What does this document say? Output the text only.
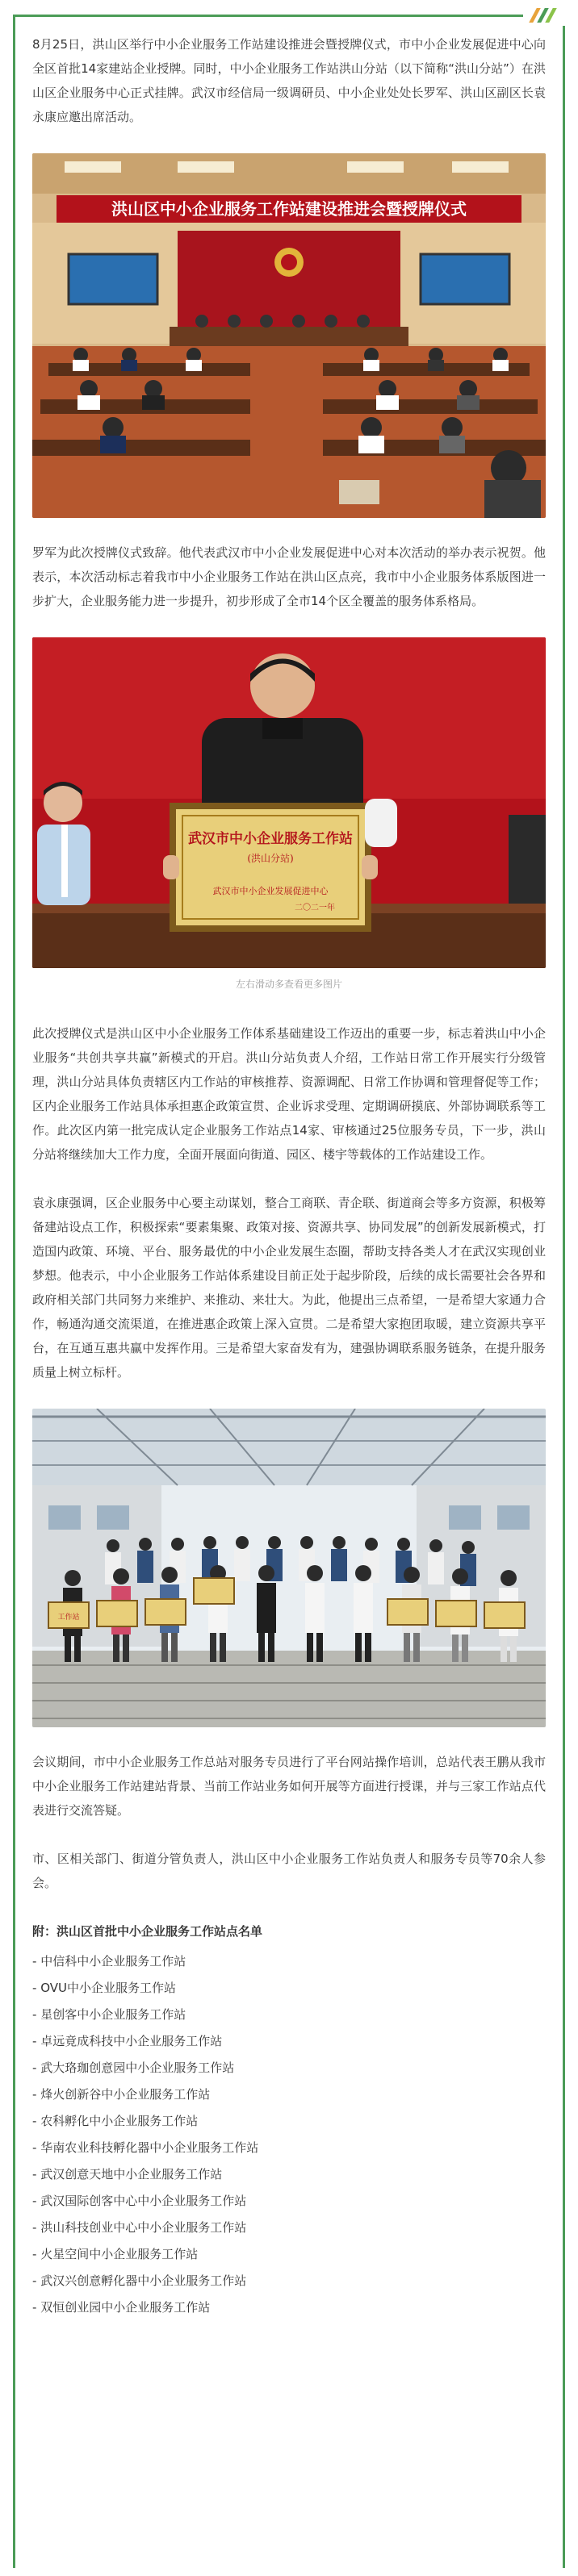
8月25日，洪山区举行中小企业服务工作站建设推进会暨授牌仪式，市中小企业发展促进中心向全区首批14家建站企业授牌。同时，中小企业服务工作站洪山分站（以下简称“洪山分站”）在洪山区企业服务中心正式挂牌。武汉市经信局一级调研员、中小企业处处长罗军、洪山区副区长袁永康应邀出席活动。

洪山区中小企业服务工作站建设推进会暨授牌仪式

罗军为此次授牌仪式致辞。他代表武汉市中小企业发展促进中心对本次活动的举办表示祝贺。他表示，本次活动标志着我市中小企业服务工作站在洪山区点亮，我市中小企业服务体系版图进一步扩大，企业服务能力进一步提升，初步形成了全市14个区全覆盖的服务体系格局。

武汉市中小企业服务工作站
(洪山分站)
武汉市中小企业发展促进中心
二〇二一年
左右滑动多查看更多图片

此次授牌仪式是洪山区中小企业服务工作体系基础建设工作迈出的重要一步，标志着洪山中小企业服务“共创共享共赢”新模式的开启。洪山分站负责人介绍，工作站日常工作开展实行分级管理，洪山分站具体负责辖区内工作站的审核推荐、资源调配、日常工作协调和管理督促等工作；区内企业服务工作站具体承担惠企政策宣贯、企业诉求受理、定期调研摸底、外部协调联系等工作。此次区内第一批完成认定企业服务工作站点14家、审核通过25位服务专员，下一步，洪山分站将继续加大工作力度，全面开展面向街道、园区、楼宇等载体的工作站建设工作。

袁永康强调，区企业服务中心要主动谋划，整合工商联、青企联、街道商会等多方资源，积极筹备建站设点工作，积极探索“要素集聚、政策对接、资源共享、协同发展”的创新发展新模式，打造国内政策、环境、平台、服务最优的中小企业发展生态圈，帮助支持各类人才在武汉实现创业梦想。他表示，中小企业服务工作站体系建设目前正处于起步阶段，后续的成长需要社会各界和政府相关部门共同努力来维护、来推动、来壮大。为此，他提出三点希望，一是希望大家通力合作，畅通沟通交流渠道，在推进惠企政策上深入宣贯。二是希望大家抱团取暖，建立资源共享平台，在互通互惠共赢中发挥作用。三是希望大家奋发有为，建强协调联系服务链条，在提升服务质量上树立标杆。

工作站

会议期间，市中小企业服务工作总站对服务专员进行了平台网站操作培训，总站代表王鹏从我市中小企业服务工作站建站背景、当前工作站业务如何开展等方面进行授课，并与三家工作站点代表进行交流答疑。

市、区相关部门、街道分管负责人，洪山区中小企业服务工作站负责人和服务专员等70余人参会。

附：洪山区首批中小企业服务工作站点名单
- 中信科中小企业服务工作站
- OVU中小企业服务工作站
- 星创客中小企业服务工作站
- 卓远竟成科技中小企业服务工作站
- 武大珞珈创意园中小企业服务工作站
- 烽火创新谷中小企业服务工作站
- 农科孵化中小企业服务工作站
- 华南农业科技孵化器中小企业服务工作站
- 武汉创意天地中小企业服务工作站
- 武汉国际创客中心中小企业服务工作站
- 洪山科技创业中心中小企业服务工作站
- 火星空间中小企业服务工作站
- 武汉兴创意孵化器中小企业服务工作站
- 双恒创业园中小企业服务工作站
